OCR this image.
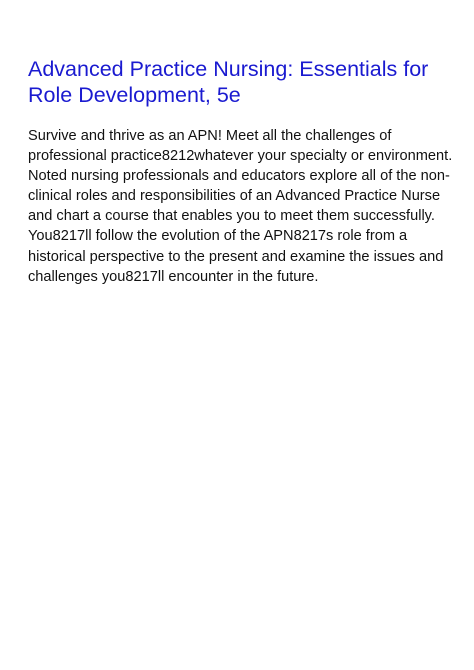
Advanced Practice Nursing: Essentials for Role Development, 5e

Survive and thrive as an APN! Meet all the challenges of professional practice8212whatever your specialty or environment. Noted nursing professionals and educators explore all of the non-clinical roles and responsibilities of an Advanced Practice Nurse and chart a course that enables you to meet them successfully. You8217ll follow the evolution of the APN8217s role from a historical perspective to the present and examine the issues and challenges you8217ll encounter in the future.
